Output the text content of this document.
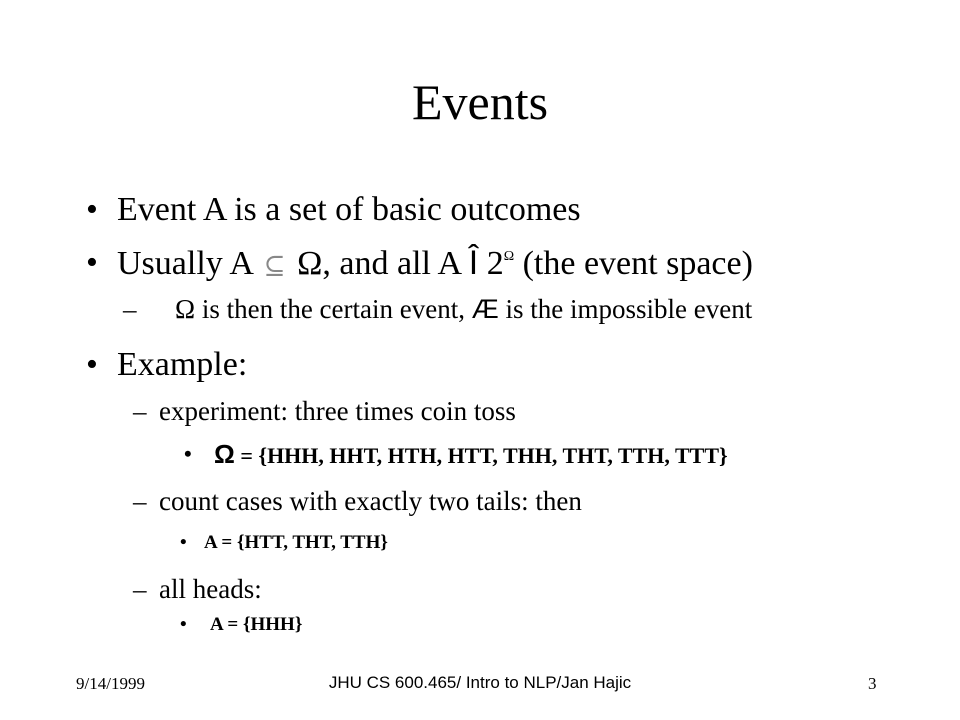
Events
• Event A is a set of basic outcomes
• Usually A ⊆ Ω, and all A Î $2^\Omega$ (the event space)
– Ω is then the certain event, Æ is the impossible event
• Example:
– experiment: three times coin toss
• Ω = {HHH, HHT, HTH, HTT, THH, THT, TTH, TTT}
– count cases with exactly two tails: then
• A = {HTT, THT, TTH}
– all heads:
• A = {HHH}
9/14/1999	JHU CS 600.465/ Intro to NLP/Jan Hajic	3
